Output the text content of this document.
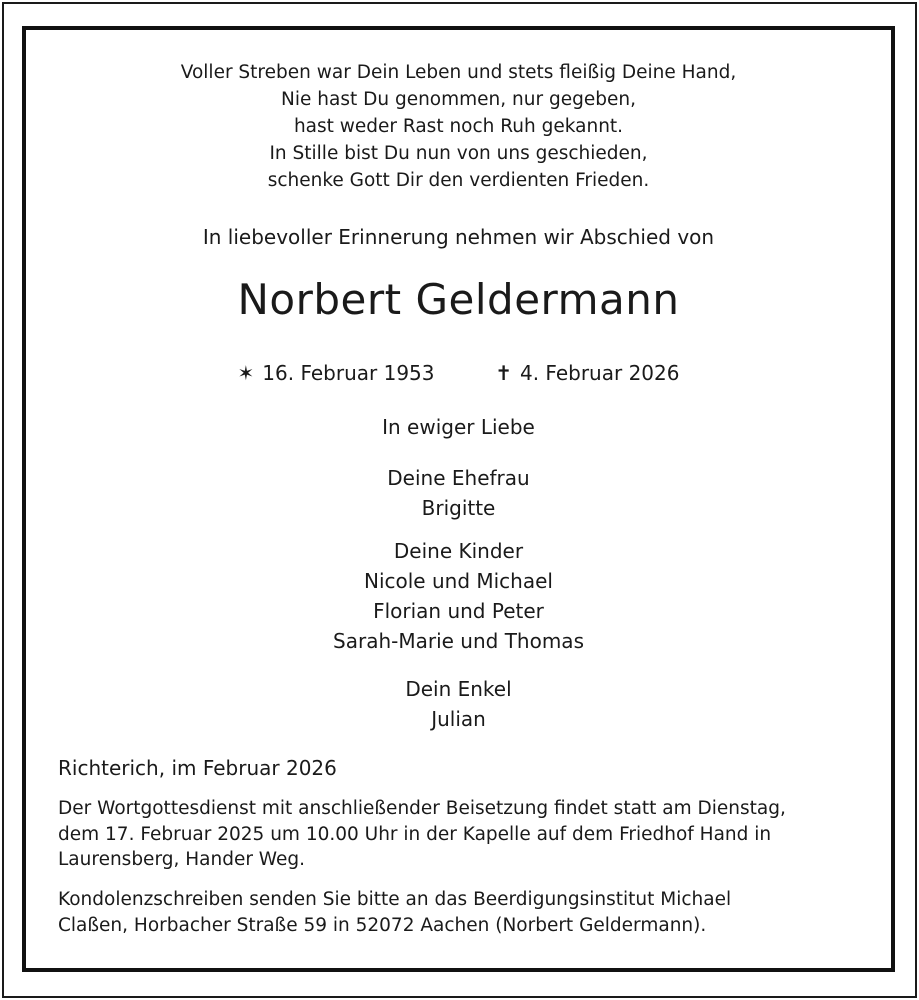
Voller Streben war Dein Leben und stets fleißig Deine Hand,
Nie hast Du genommen, nur gegeben,
hast weder Rast noch Ruh gekannt.
In Stille bist Du nun von uns geschieden,
schenke Gott Dir den verdienten Frieden.
In liebevoller Erinnerung nehmen wir Abschied von
Norbert Geldermann
✶ 16. Februar 1953	✝ 4. Februar 2026
In ewiger Liebe
Deine Ehefrau
Brigitte
Deine Kinder
Nicole und Michael
Florian und Peter
Sarah-Marie und Thomas
Dein Enkel
Julian
Richterich, im Februar 2026
Der Wortgottesdienst mit anschließender Beisetzung findet statt am Dienstag,
dem 17. Februar 2025 um 10.00 Uhr in der Kapelle auf dem Friedhof Hand in
Laurensberg, Hander Weg.
Kondolenzschreiben senden Sie bitte an das Beerdigungsinstitut Michael
Claßen, Horbacher Straße 59 in 52072 Aachen (Norbert Geldermann).
